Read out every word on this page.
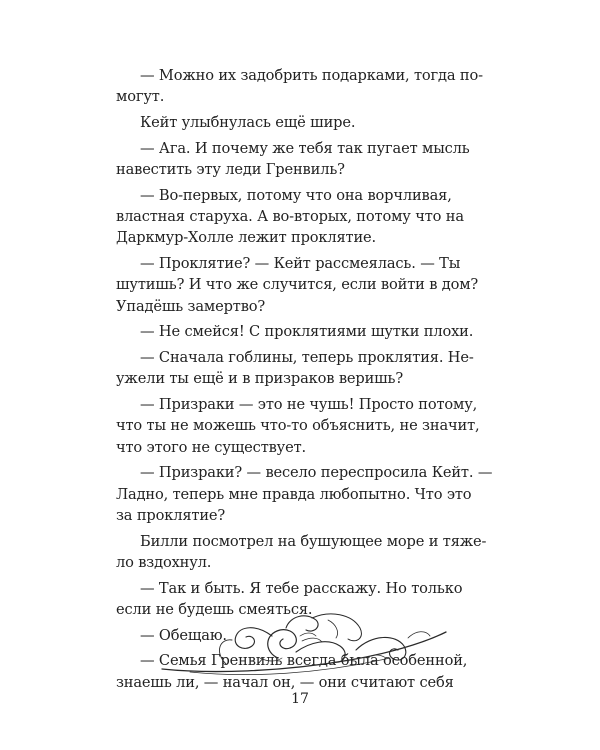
— Можно их задобрить подарками, тогда по-
могут.
Кейт улыбнулась ещё шире.
— Ага. И почему же тебя так пугает мысль
навестить эту леди Гренвиль?
— Во-первых, потому что она ворчливая,
властная старуха. А во-вторых, потому что на
Даркмур-Холле лежит проклятие.
— Проклятие? — Кейт рассмеялась. — Ты
шутишь? И что же случится, если войти в дом?
Упадёшь замертво?
— Не смейся! С проклятиями шутки плохи.
— Сначала гоблины, теперь проклятия. Не-
ужели ты ещё и в призраков веришь?
— Призраки — это не чушь! Просто потому,
что ты не можешь что-то объяснить, не значит,
что этого не существует.
— Призраки? — весело переспросила Кейт. —
Ладно, теперь мне правда любопытно. Что это
за проклятие?
Билли посмотрел на бушующее море и тяже-
ло вздохнул.
— Так и быть. Я тебе расскажу. Но только
если не будешь смеяться.
— Обещаю.
— Семья Гренвиль всегда была особенной,
знаешь ли, — начал он, — они считают себя
17
